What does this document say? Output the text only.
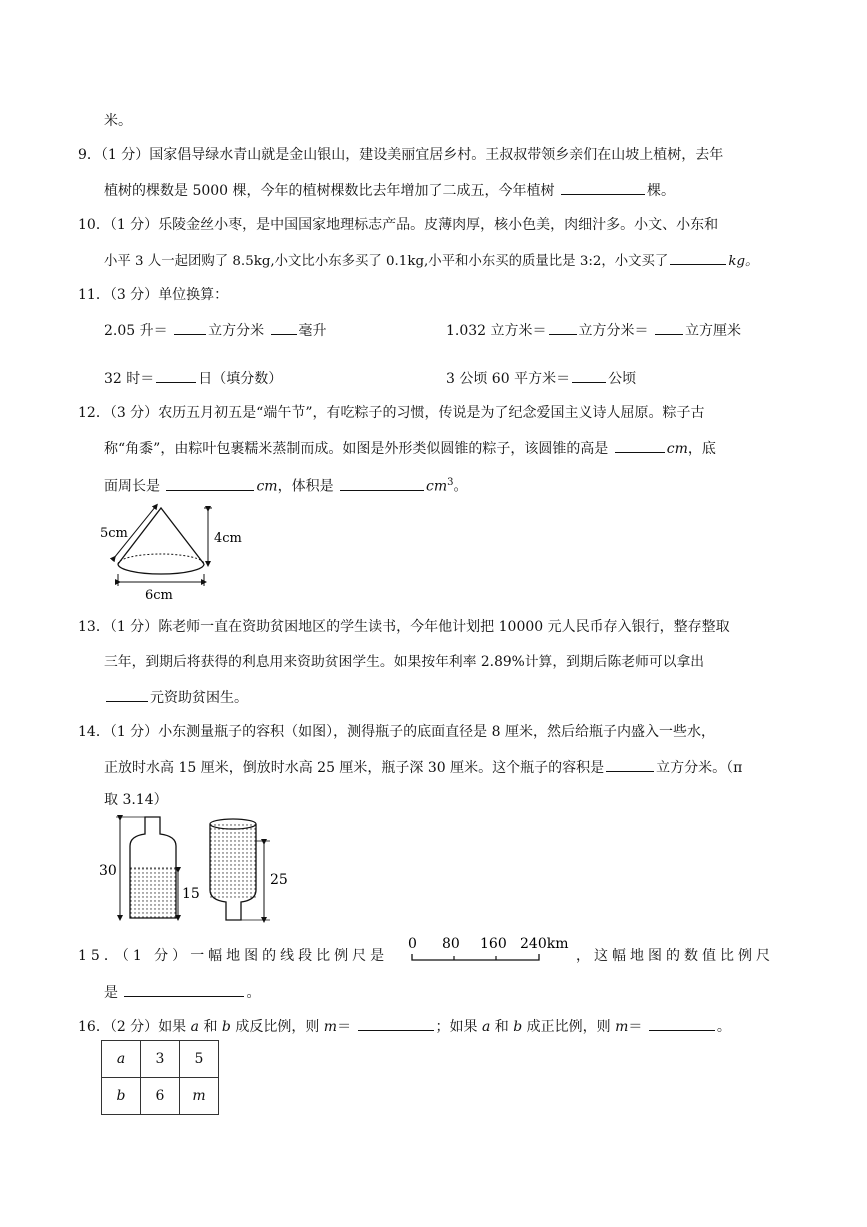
米。
9．（1 分）国家倡导绿水青山就是金山银山，建设美丽宜居乡村。王叔叔带领乡亲们在山坡上植树，去年
植树的棵数是 5000 棵，今年的植树棵数比去年增加了二成五，今年植树	棵。
10．（1 分）乐陵金丝小枣，是中国国家地理标志产品。皮薄肉厚，核小色美，肉细汁多。小文、小东和
小平 3 人一起团购了 8.5kg,小文比小东多买了 0.1kg,小平和小东买的质量比是 3:2，小文买了	kg。
11．（3 分）单位换算：
2.05 升＝	立方分米 毫升	1.032 立方米＝ 立方分米＝ 立方厘米
32 时＝	日（填分数）	3 公顷 60 平方米＝	公顷
12．（3 分）农历五月初五是“端午节”，有吃粽子的习惯，传说是为了纪念爱国主义诗人屈原。粽子古
称“角黍”，由粽叶包裹糯米蒸制而成。如图是外形类似圆锥的粽子，该圆锥的高是	cm，底
面周长是	cm，体积是	$cm^3$。
5cm	4cm
6cm
13．（1 分）陈老师一直在资助贫困地区的学生读书，今年他计划把 10000 元人民币存入银行，整存整取
三年，到期后将获得的利息用来资助贫困学生。如果按年利率 2.89%计算，到期后陈老师可以拿出
元资助贫困生。
14．（1 分）小东测量瓶子的容积（如图），测得瓶子的底面直径是 8 厘米，然后给瓶子内盛入一些水，
正放时水高 15 厘米，倒放时水高 25 厘米，瓶子深 30 厘米。这个瓶子的容积是	立方分米。（π
取 3.14）
30
15
25
15．（1 分）一幅地图的线段比例尺是
0 80 160 240km
，这幅地图的数值比例尺
是	。
16．（2 分）如果 a 和 b 成反比例，则 m＝	；如果 a 和 b 成正比例，则 m＝	。
a	3	5
b	6	m
